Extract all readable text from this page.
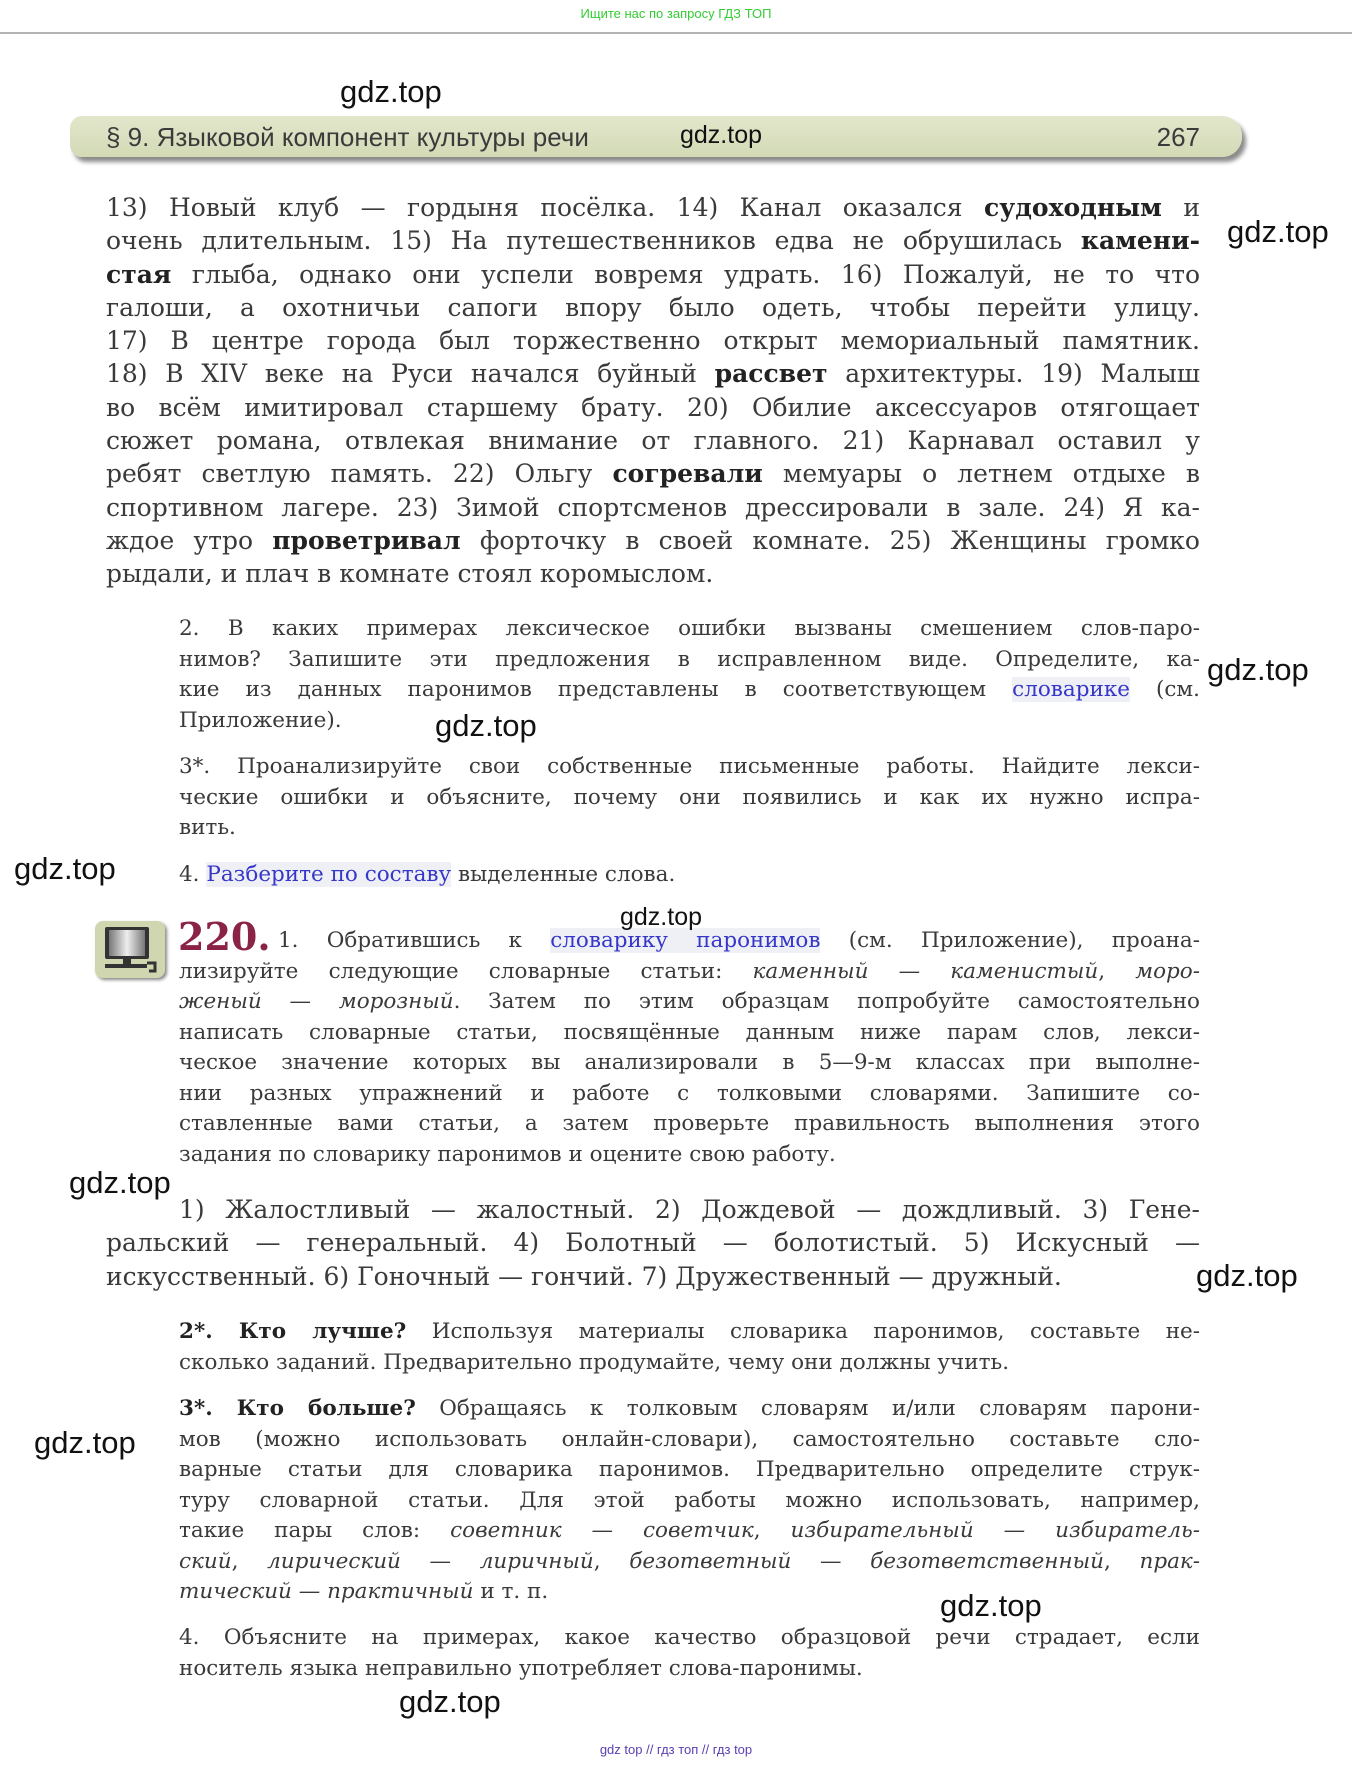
Ищите нас по запросу ГДЗ ТОП
§ 9. Языковой компонент культуры речи	267
13) Новый клуб — гордыня посёлка. 14) Канал оказался судоходным и
очень длительным. 15) На путешественников едва не обрушилась камени-
стая глыба, однако они успели вовремя удрать. 16) Пожалуй, не то что
галоши, а охотничьи сапоги впору было одеть, чтобы перейти улицу.
17) В центре города был торжественно открыт мемориальный памятник.
18) В XIV веке на Руси начался буйный рассвет архитектуры. 19) Малыш
во всём имитировал старшему брату. 20) Обилие аксессуаров отягощает
сюжет романа, отвлекая внимание от главного. 21) Карнавал оставил у
ребят светлую память. 22) Ольгу согревали мемуары о летнем отдыхе в
спортивном лагере. 23) Зимой спортсменов дрессировали в зале. 24) Я ка-
ждое утро проветривал форточку в своей комнате. 25) Женщины громко
рыдали, и плач в комнате стоял коромыслом.
2. В каких примерах лексическое ошибки вызваны смешением слов-паро-
нимов? Запишите эти предложения в исправленном виде. Определите, ка-
кие из данных паронимов представлены в соответствующем словарике (см.
Приложение).
3*. Проанализируйте свои собственные письменные работы. Найдите лекси-
ческие ошибки и объясните, почему они появились и как их нужно испра-
вить.
4. Разберите по составу выделенные слова.
220. 1. Обратившись к словарику паронимов (см. Приложение), проана-
лизируйте следующие словарные статьи: каменный — каменистый, моро-
женый — морозный. Затем по этим образцам попробуйте самостоятельно
написать словарные статьи, посвящённые данным ниже парам слов, лекси-
ческое значение которых вы анализировали в 5—9-м классах при выполне-
нии разных упражнений и работе с толковыми словарями. Запишите со-
ставленные вами статьи, а затем проверьте правильность выполнения этого
задания по словарику паронимов и оцените свою работу.
1) Жалостливый — жалостный. 2) Дождевой — дождливый. 3) Гене-
ральский — генеральный. 4) Болотный — болотистый. 5) Искусный —
искусственный. 6) Гоночный — гончий. 7) Дружественный — дружный.
2*. Кто лучше? Используя материалы словарика паронимов, составьте не-
сколько заданий. Предварительно продумайте, чему они должны учить.
3*. Кто больше? Обращаясь к толковым словарям и/или словарям парони-
мов (можно использовать онлайн-словари), самостоятельно составьте сло-
варные статьи для словарика паронимов. Предварительно определите струк-
туру словарной статьи. Для этой работы можно использовать, например,
такие пары слов: советник — советчик, избирательный — избиратель-
ский, лирический — лиричный, безответный — безответственный, прак-
тический — практичный и т. п.
4. Объясните на примерах, какое качество образцовой речи страдает, если
носитель языка неправильно употребляет слова-паронимы.
gdz.top
gdz.top
gdz.top
gdz.top
gdz.top
gdz.top
gdz.top
gdz.top
gdz.top
gdz.top
gdz.top
gdz.top
gdz top // гдз топ // гдз top
